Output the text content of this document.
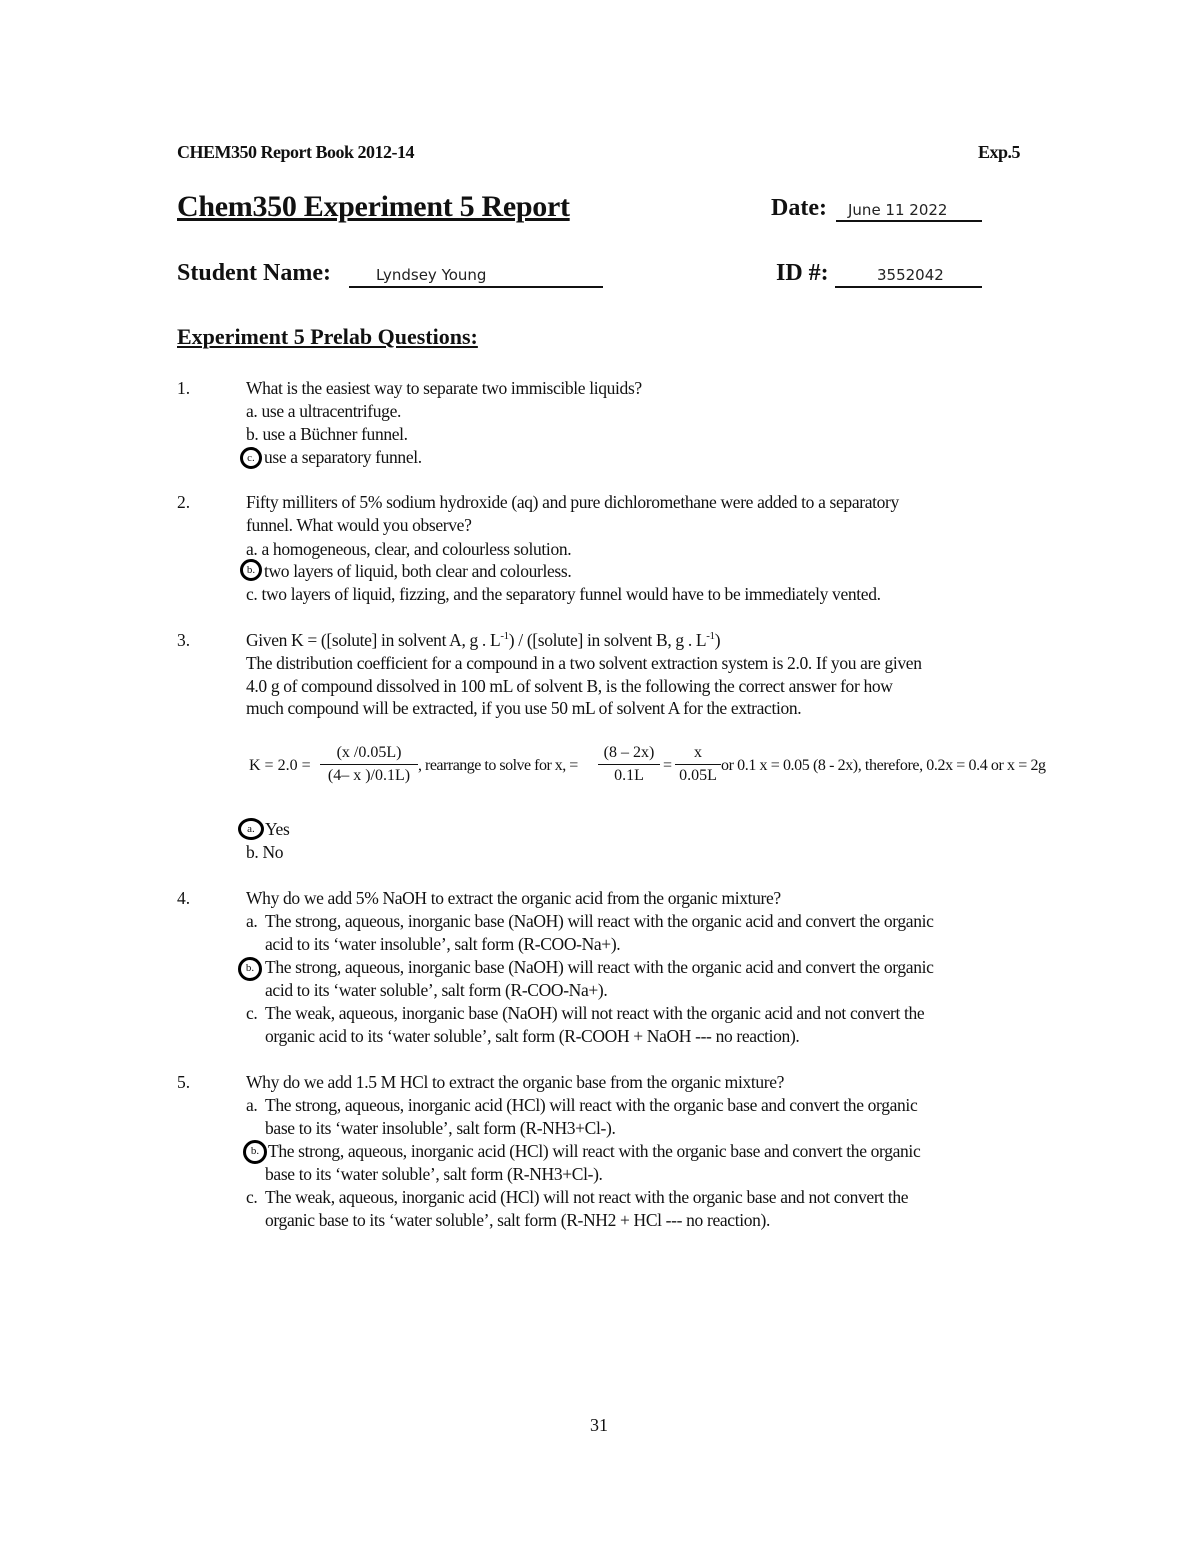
CHEM350 Report Book 2012-14	Exp.5
Chem350 Experiment 5 Report	Date: June 11 2022
Student Name:	Lyndsey Young	ID #:	3552042
Experiment 5 Prelab Questions:
1.	What is the easiest way to separate two immiscible liquids?
a. use a ultracentrifuge.
b. use a Büchner funnel.
c. use a separatory funnel.
2.	Fifty milliters of 5% sodium hydroxide (aq) and pure dichloromethane were added to a separatory
funnel. What would you observe?
a. a homogeneous, clear, and colourless solution.
b. two layers of liquid, both clear and colourless.
c. two layers of liquid, fizzing, and the separatory funnel would have to be immediately vented.
3.	Given K = ([solute] in solvent A, g . $L^{-1}$) / ([solute] in solvent B, g . $L^{-1}$)
The distribution coefficient for a compound in a two solvent extraction system is 2.0. If you are given
4.0 g of compound dissolved in 100 mL of solvent B, is the following the correct answer for how
much compound will be extracted, if you use 50 mL of solvent A for the extraction.
$K = 2.0 = \frac{(x /0.05L)}{(4- x )/0.1L)}$ , rearrange to solve for x, = $\frac{(8 - 2x)}{0.1L} = \frac{x}{0.05L}$ or 0.1 x = 0.05 (8 - 2x), therefore, 0.2x = 0.4 or x = 2g
a. Yes
b. No
4.	Why do we add 5% NaOH to extract the organic acid from the organic mixture?
a. The strong, aqueous, inorganic base (NaOH) will react with the organic acid and convert the organic
acid to its ‘water insoluble’, salt form (R-COO-Na+).
b. The strong, aqueous, inorganic base (NaOH) will react with the organic acid and convert the organic
acid to its ‘water soluble’, salt form (R-COO-Na+).
c. The weak, aqueous, inorganic base (NaOH) will not react with the organic acid and not convert the
organic acid to its ‘water soluble’, salt form (R-COOH + NaOH --- no reaction).
5.	Why do we add 1.5 M HCl to extract the organic base from the organic mixture?
a. The strong, aqueous, inorganic acid (HCl) will react with the organic base and convert the organic
base to its ‘water insoluble’, salt form (R-NH3+Cl-).
b. The strong, aqueous, inorganic acid (HCl) will react with the organic base and convert the organic
base to its ‘water soluble’, salt form (R-NH3+Cl-).
c. The weak, aqueous, inorganic acid (HCl) will not react with the organic base and not convert the
organic base to its ‘water soluble’, salt form (R-NH2 + HCl --- no reaction).
31
